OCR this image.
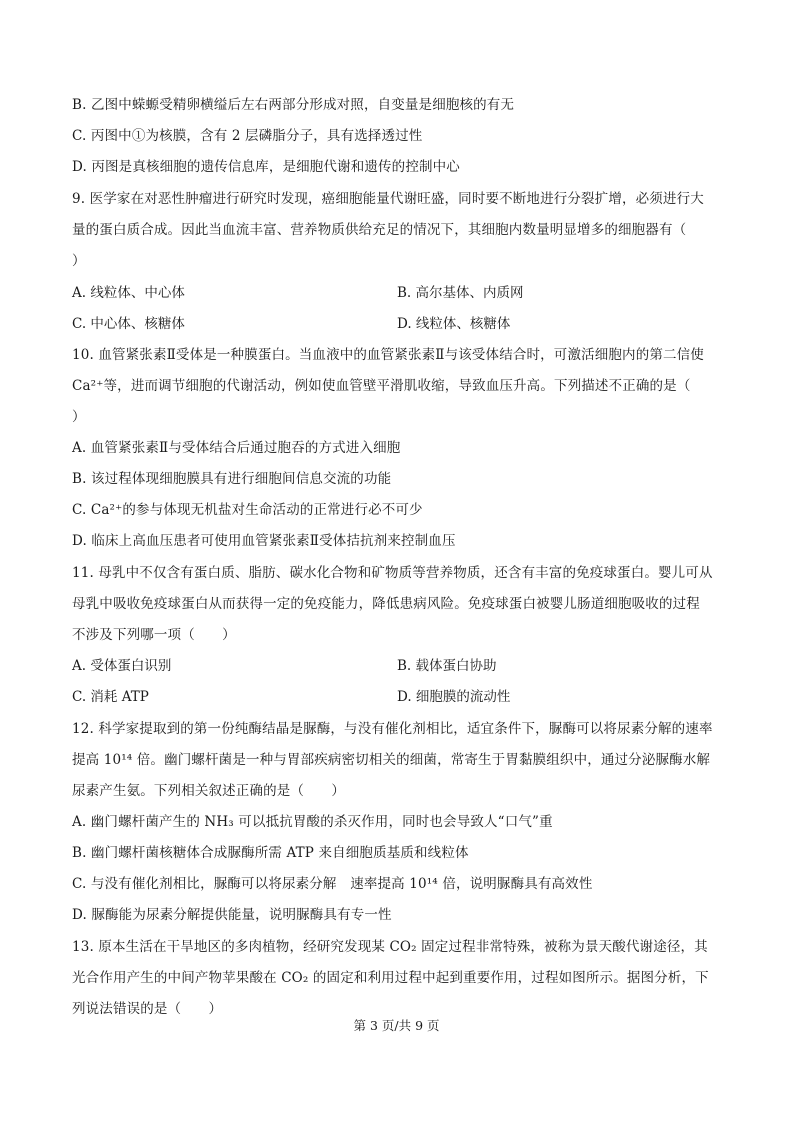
B. 乙图中蝾螈受精卵横缢后左右两部分形成对照，自变量是细胞核的有无
C. 丙图中①为核膜，含有 2 层磷脂分子，具有选择透过性
D. 丙图是真核细胞的遗传信息库，是细胞代谢和遗传的控制中心
9. 医学家在对恶性肿瘤进行研究时发现，癌细胞能量代谢旺盛，同时要不断地进行分裂扩增，必须进行大
量的蛋白质合成。因此当血流丰富、营养物质供给充足的情况下，其细胞内数量明显增多的细胞器有（
）
A. 线粒体、中心体	B. 高尔基体、内质网
C. 中心体、核糖体	D. 线粒体、核糖体
10. 血管紧张素Ⅱ受体是一种膜蛋白。当血液中的血管紧张素Ⅱ与该受体结合时，可激活细胞内的第二信使
Ca²⁺等，进而调节细胞的代谢活动，例如使血管壁平滑肌收缩，导致血压升高。下列描述不正确的是（
）
A. 血管紧张素Ⅱ与受体结合后通过胞吞的方式进入细胞
B. 该过程体现细胞膜具有进行细胞间信息交流的功能
C. Ca²⁺的参与体现无机盐对生命活动的正常进行必不可少
D. 临床上高血压患者可使用血管紧张素Ⅱ受体拮抗剂来控制血压
11. 母乳中不仅含有蛋白质、脂肪、碳水化合物和矿物质等营养物质，还含有丰富的免疫球蛋白。婴儿可从
母乳中吸收免疫球蛋白从而获得一定的免疫能力，降低患病风险。免疫球蛋白被婴儿肠道细胞吸收的过程
不涉及下列哪一项（　　）
A. 受体蛋白识别	B. 载体蛋白协助
C. 消耗 ATP	D. 细胞膜的流动性
12. 科学家提取到的第一份纯酶结晶是脲酶，与没有催化剂相比，适宜条件下，脲酶可以将尿素分解的速率
提高 10¹⁴ 倍。幽门螺杆菌是一种与胃部疾病密切相关的细菌，常寄生于胃黏膜组织中，通过分泌脲酶水解
尿素产生氨。下列相关叙述正确的是（　　）
A. 幽门螺杆菌产生的 NH₃ 可以抵抗胃酸的杀灭作用，同时也会导致人“口气”重
B. 幽门螺杆菌核糖体合成脲酶所需 ATP 来自细胞质基质和线粒体
C. 与没有催化剂相比，脲酶可以将尿素分解　速率提高 10¹⁴ 倍，说明脲酶具有高效性
D. 脲酶能为尿素分解提供能量，说明脲酶具有专一性
13. 原本生活在干旱地区的多肉植物，经研究发现某 CO₂ 固定过程非常特殊，被称为景天酸代谢途径，其
光合作用产生的中间产物苹果酸在 CO₂ 的固定和利用过程中起到重要作用，过程如图所示。据图分析，下
列说法错误的是（　　）
第 3 页/共 9 页
